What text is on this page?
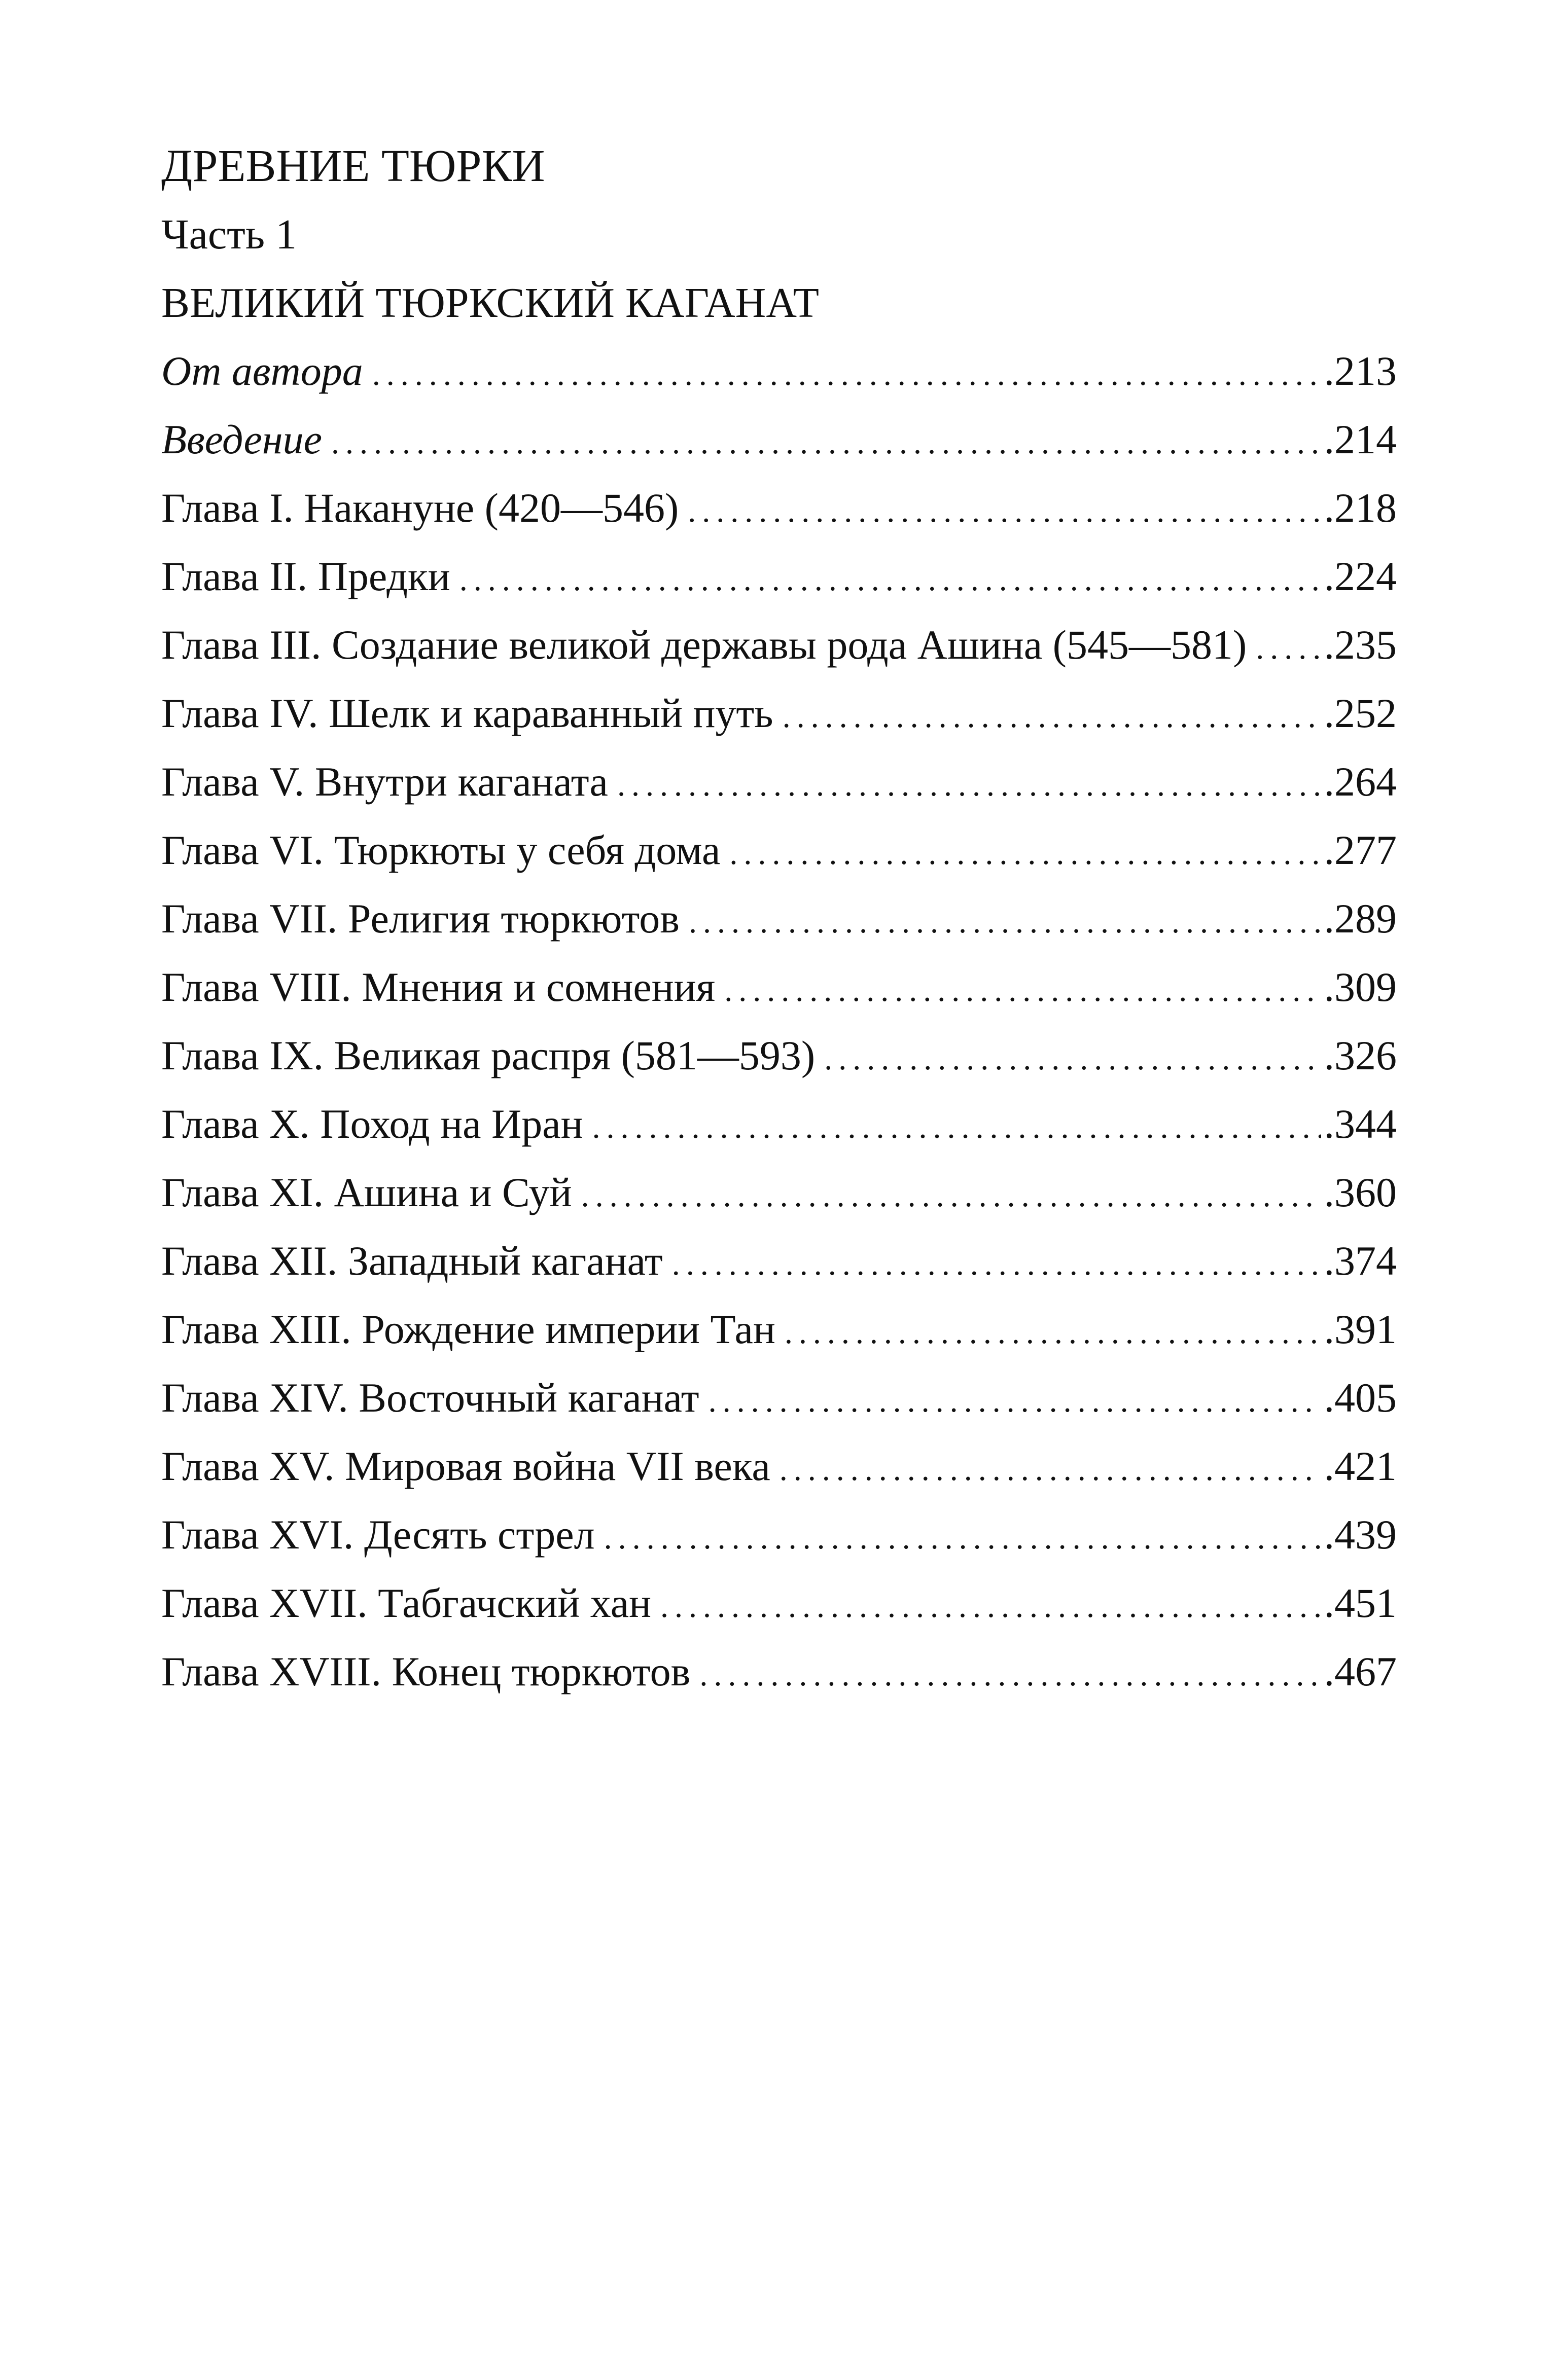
ДРЕВНИЕ ТЮРКИ
Часть 1
ВЕЛИКИЙ ТЮРКСКИЙ КАГАНАТ
От автора .....	.213
Введение .....	.214
Глава I. Накануне (420—546) .....	.218
Глава II. Предки .....	.224
Глава III. Создание великой державы рода Ашина (545—581) ..... .235
Глава IV. Шелк и караванный путь .....	.252
Глава V. Внутри каганата .....	.264
Глава VI. Тюркюты у себя дома .....	.277
Глава VII. Религия тюркютов .....	.289
Глава VIII. Мнения и сомнения .....	.309
Глава IX. Великая распря (581—593) .....	.326
Глава X. Поход на Иран .....	.344
Глава XI. Ашина и Суй .....	.360
Глава XII. Западный каганат .....	.374
Глава XIII. Рождение империи Тан .....	.391
Глава XIV. Восточный каганат .....	.405
Глава XV. Мировая война VII века .....	.421
Глава XVI. Десять стрел .....	.439
Глава XVII. Табгачский хан .....	.451
Глава XVIII. Конец тюркютов .....	.467
